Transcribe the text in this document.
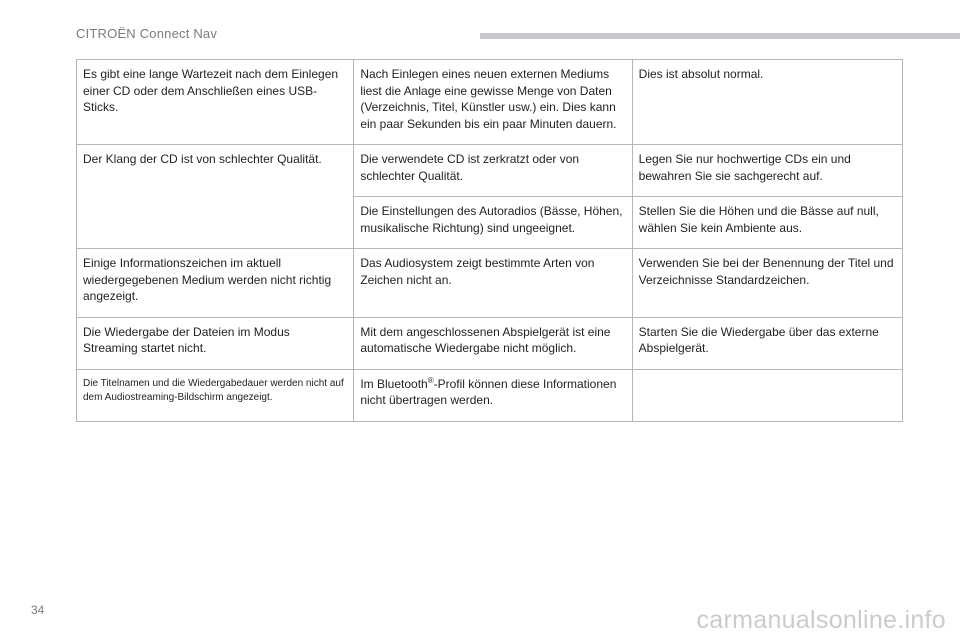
CITROËN Connect Nav
Es gibt eine lange Wartezeit nach dem Einlegen einer CD oder dem Anschließen eines USB-Sticks.	Nach Einlegen eines neuen externen Mediums liest die Anlage eine gewisse Menge von Daten (Verzeichnis, Titel, Künstler usw.) ein. Dies kann ein paar Sekunden bis ein paar Minuten dauern.	Dies ist absolut normal.
Der Klang der CD ist von schlechter Qualität.	Die verwendete CD ist zerkratzt oder von schlechter Qualität.	Legen Sie nur hochwertige CDs ein und bewahren Sie sie sachgerecht auf.
	Die Einstellungen des Autoradios (Bässe, Höhen, musikalische Richtung) sind ungeeignet.	Stellen Sie die Höhen und die Bässe auf null, wählen Sie kein Ambiente aus.
Einige Informationszeichen im aktuell wiedergegebenen Medium werden nicht richtig angezeigt.	Das Audiosystem zeigt bestimmte Arten von Zeichen nicht an.	Verwenden Sie bei der Benennung der Titel und Verzeichnisse Standardzeichen.
Die Wiedergabe der Dateien im Modus Streaming startet nicht.	Mit dem angeschlossenen Abspielgerät ist eine automatische Wiedergabe nicht möglich.	Starten Sie die Wiedergabe über das externe Abspielgerät.
Die Titelnamen und die Wiedergabedauer werden nicht auf dem Audiostreaming-Bildschirm angezeigt.	Im Bluetooth®-Profil können diese Informationen nicht übertragen werden.	
34	carmanualsonline.info
